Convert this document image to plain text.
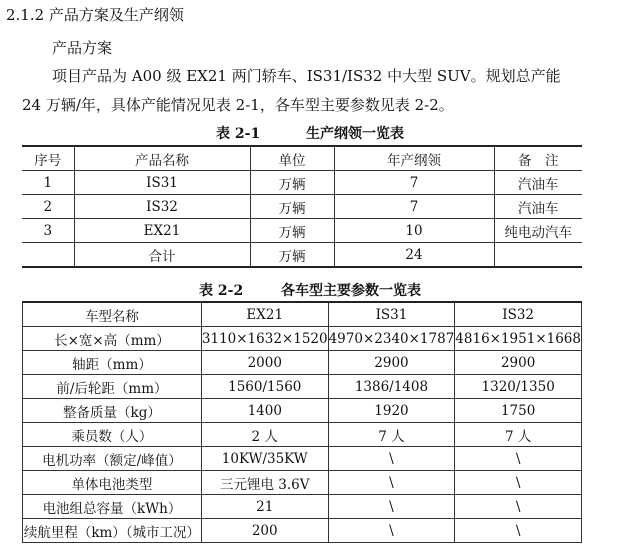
2.1.2 产品方案及生产纲领
产品方案
项目产品为 A00 级 EX21 两门轿车、IS31/IS32 中大型 SUV。规划总产能 24 万辆/年，具体产能情况见表 2-1，各车型主要参数见表 2-2。
表 2-1	生产纲领一览表
序号	产品名称	单位	年产纲领	备　注
1	IS31	万辆	7	汽油车
2	IS32	万辆	7	汽油车
3	EX21	万辆	10	纯电动汽车
	合计	万辆	24	
表 2-2	各车型主要参数一览表
车型名称	EX21	IS31	IS32
长×宽×高（mm）	3110×1632×1520	4970×2340×1787	4816×1951×1668
轴距（mm）	2000	2900	2900
前/后轮距（mm）	1560/1560	1386/1408	1320/1350
整备质量（kg）	1400	1920	1750
乘员数（人）	2 人	7 人	7 人
电机功率（额定/峰值）	10KW/35KW	\	\
单体电池类型	三元锂电 3.6V	\	\
电池组总容量（kWh）	21	\	\
续航里程（km）（城市工况）	200	\	\
